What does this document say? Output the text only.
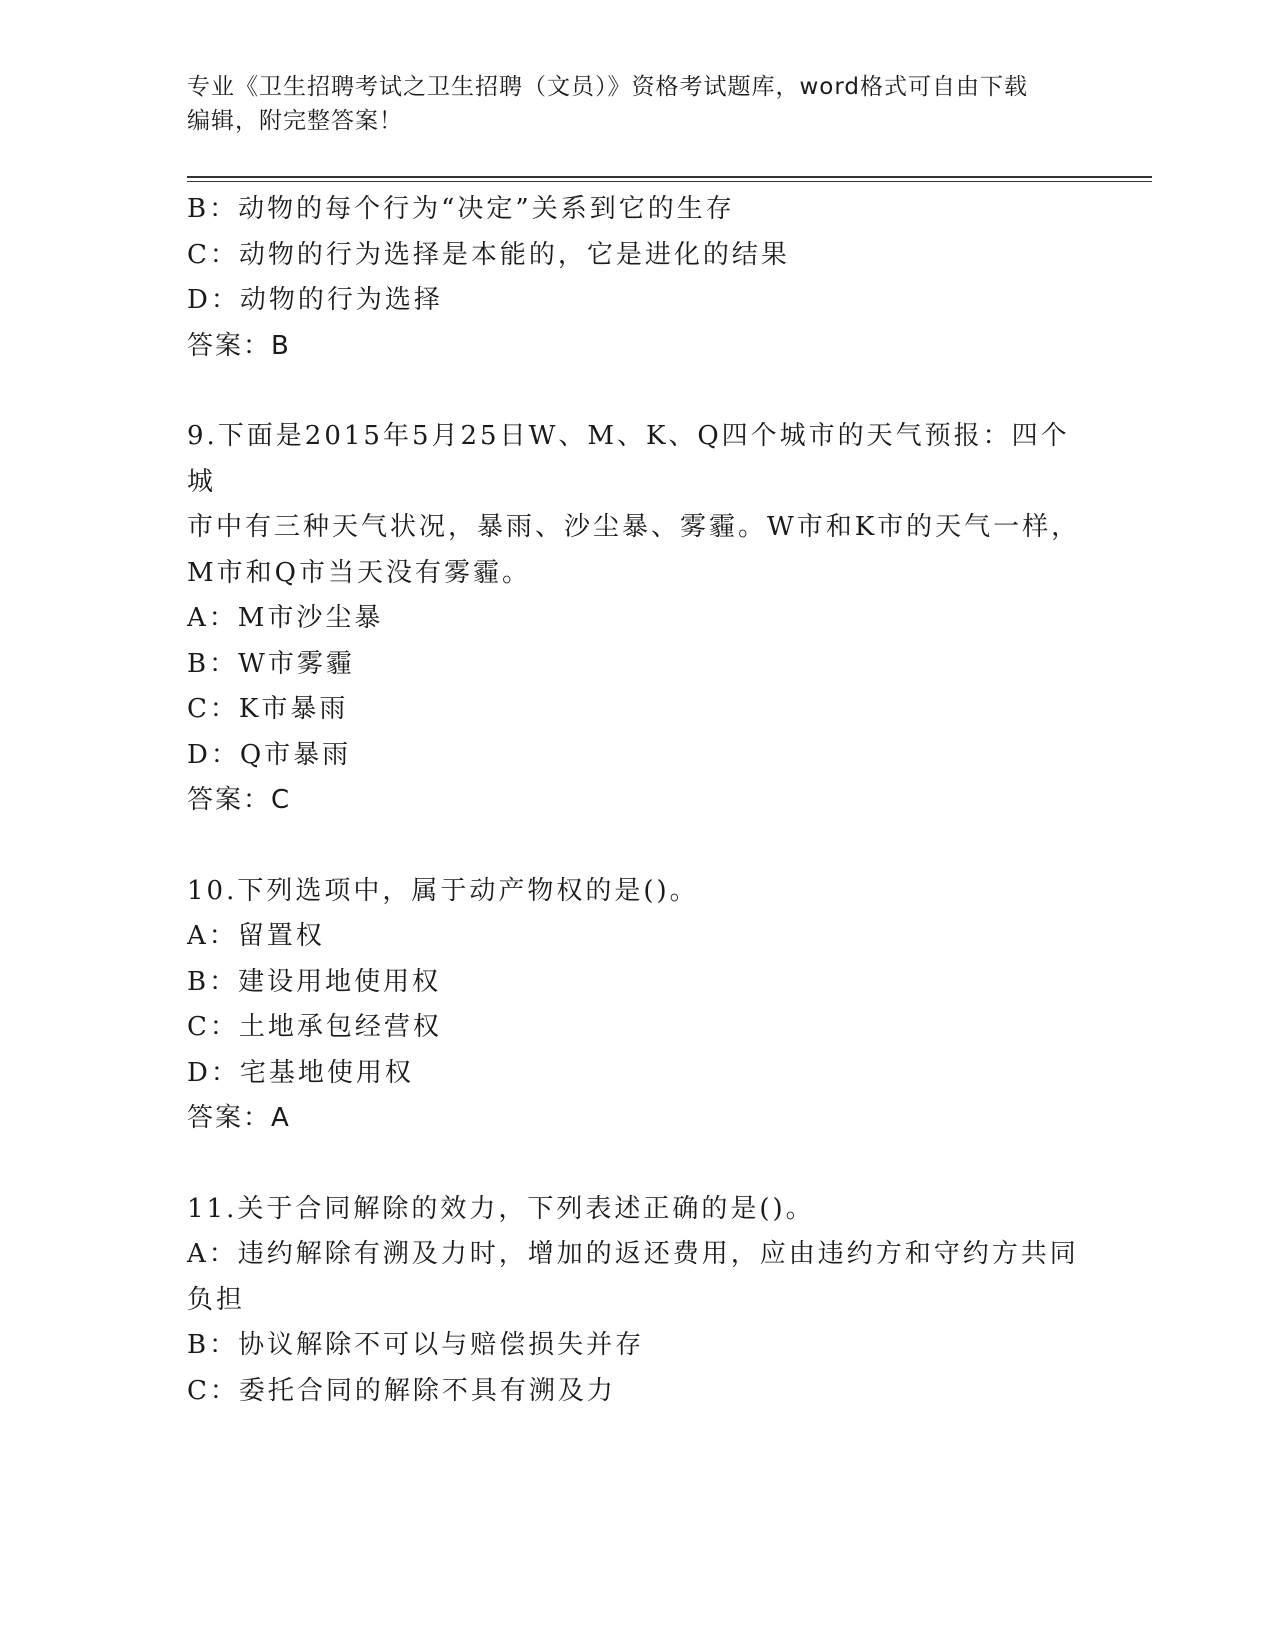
专业《卫生招聘考试之卫生招聘（文员）》资格考试题库，word格式可自由下载
编辑，附完整答案！
B：动物的每个行为“决定”关系到它的生存
C：动物的行为选择是本能的，它是进化的结果
D：动物的行为选择
答案：B
9.下面是2015年5月25日W、M、K、Q四个城市的天气预报：四个城
市中有三种天气状况，暴雨、沙尘暴、雾霾。W市和K市的天气一样，
M市和Q市当天没有雾霾。
A：M市沙尘暴
B：W市雾霾
C：K市暴雨
D：Q市暴雨
答案：C
10.下列选项中，属于动产物权的是()。
A：留置权
B：建设用地使用权
C：土地承包经营权
D：宅基地使用权
答案：A
11.关于合同解除的效力，下列表述正确的是()。
A：违约解除有溯及力时，增加的返还费用，应由违约方和守约方共同
负担
B：协议解除不可以与赔偿损失并存
C：委托合同的解除不具有溯及力
